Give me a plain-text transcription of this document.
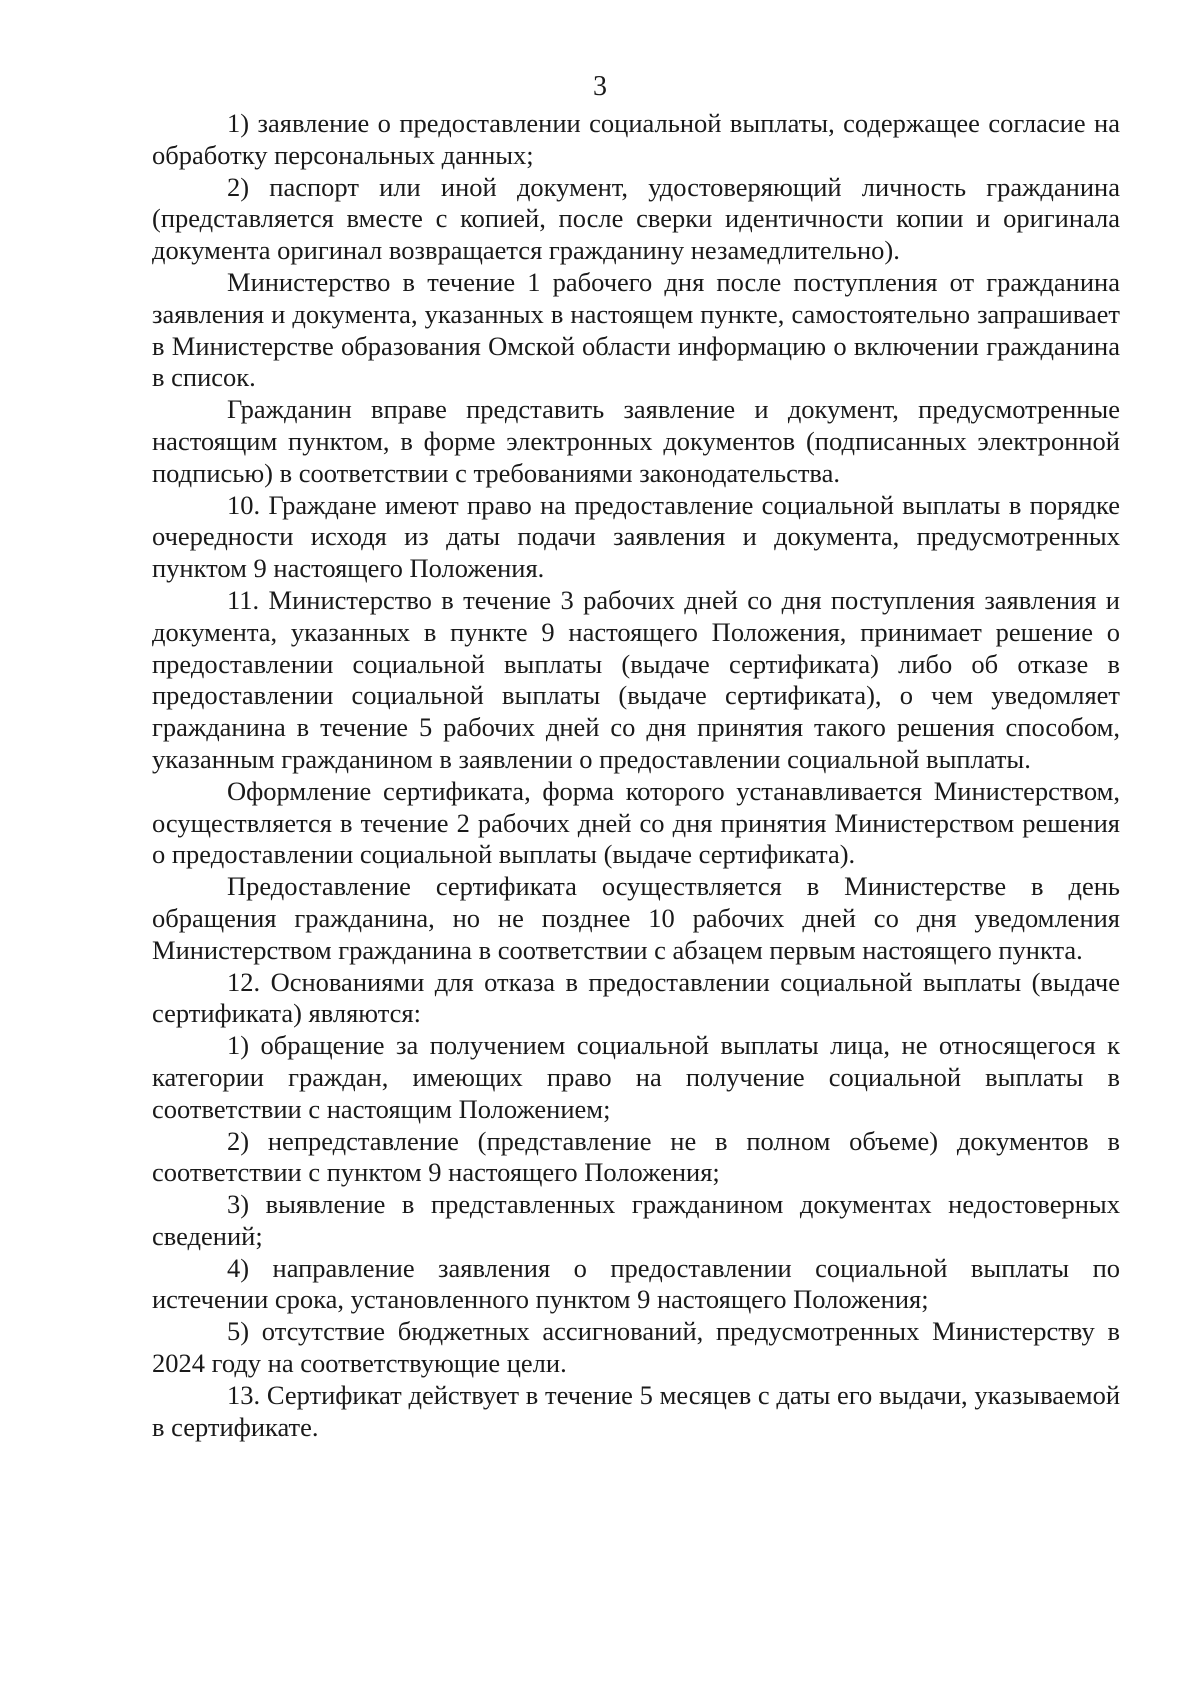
3

1) заявление о предоставлении социальной выплаты, содержащее согласие на обработку персональных данных;

2) паспорт или иной документ, удостоверяющий личность гражданина (представляется вместе с копией, после сверки идентичности копии и оригинала документа оригинал возвращается гражданину незамедлительно).

Министерство в течение 1 рабочего дня после поступления от гражданина заявления и документа, указанных в настоящем пункте, самостоятельно запрашивает в Министерстве образования Омской области информацию о включении гражданина в список.

Гражданин вправе представить заявление и документ, предусмотренные настоящим пунктом, в форме электронных документов (подписанных электронной подписью) в соответствии с требованиями законодательства.

10. Граждане имеют право на предоставление социальной выплаты в порядке очередности исходя из даты подачи заявления и документа, предусмотренных пунктом 9 настоящего Положения.

11. Министерство в течение 3 рабочих дней со дня поступления заявления и документа, указанных в пункте 9 настоящего Положения, принимает решение о предоставлении социальной выплаты (выдаче сертификата) либо об отказе в предоставлении социальной выплаты (выдаче сертификата), о чем уведомляет гражданина в течение 5 рабочих дней со дня принятия такого решения способом, указанным гражданином в заявлении о предоставлении социальной выплаты.

Оформление сертификата, форма которого устанавливается Министерством, осуществляется в течение 2 рабочих дней со дня принятия Министерством решения о предоставлении социальной выплаты (выдаче сертификата).

Предоставление сертификата осуществляется в Министерстве в день обращения гражданина, но не позднее 10 рабочих дней со дня уведомления Министерством гражданина в соответствии с абзацем первым настоящего пункта.

12. Основаниями для отказа в предоставлении социальной выплаты (выдаче сертификата) являются:

1) обращение за получением социальной выплаты лица, не относящегося к категории граждан, имеющих право на получение социальной выплаты в соответствии с настоящим Положением;

2) непредставление (представление не в полном объеме) документов в соответствии с пунктом 9 настоящего Положения;

3) выявление в представленных гражданином документах недостоверных сведений;

4) направление заявления о предоставлении социальной выплаты по истечении срока, установленного пунктом 9 настоящего Положения;

5) отсутствие бюджетных ассигнований, предусмотренных Министерству в 2024 году на соответствующие цели.

13. Сертификат действует в течение 5 месяцев с даты его выдачи, указываемой в сертификате.
